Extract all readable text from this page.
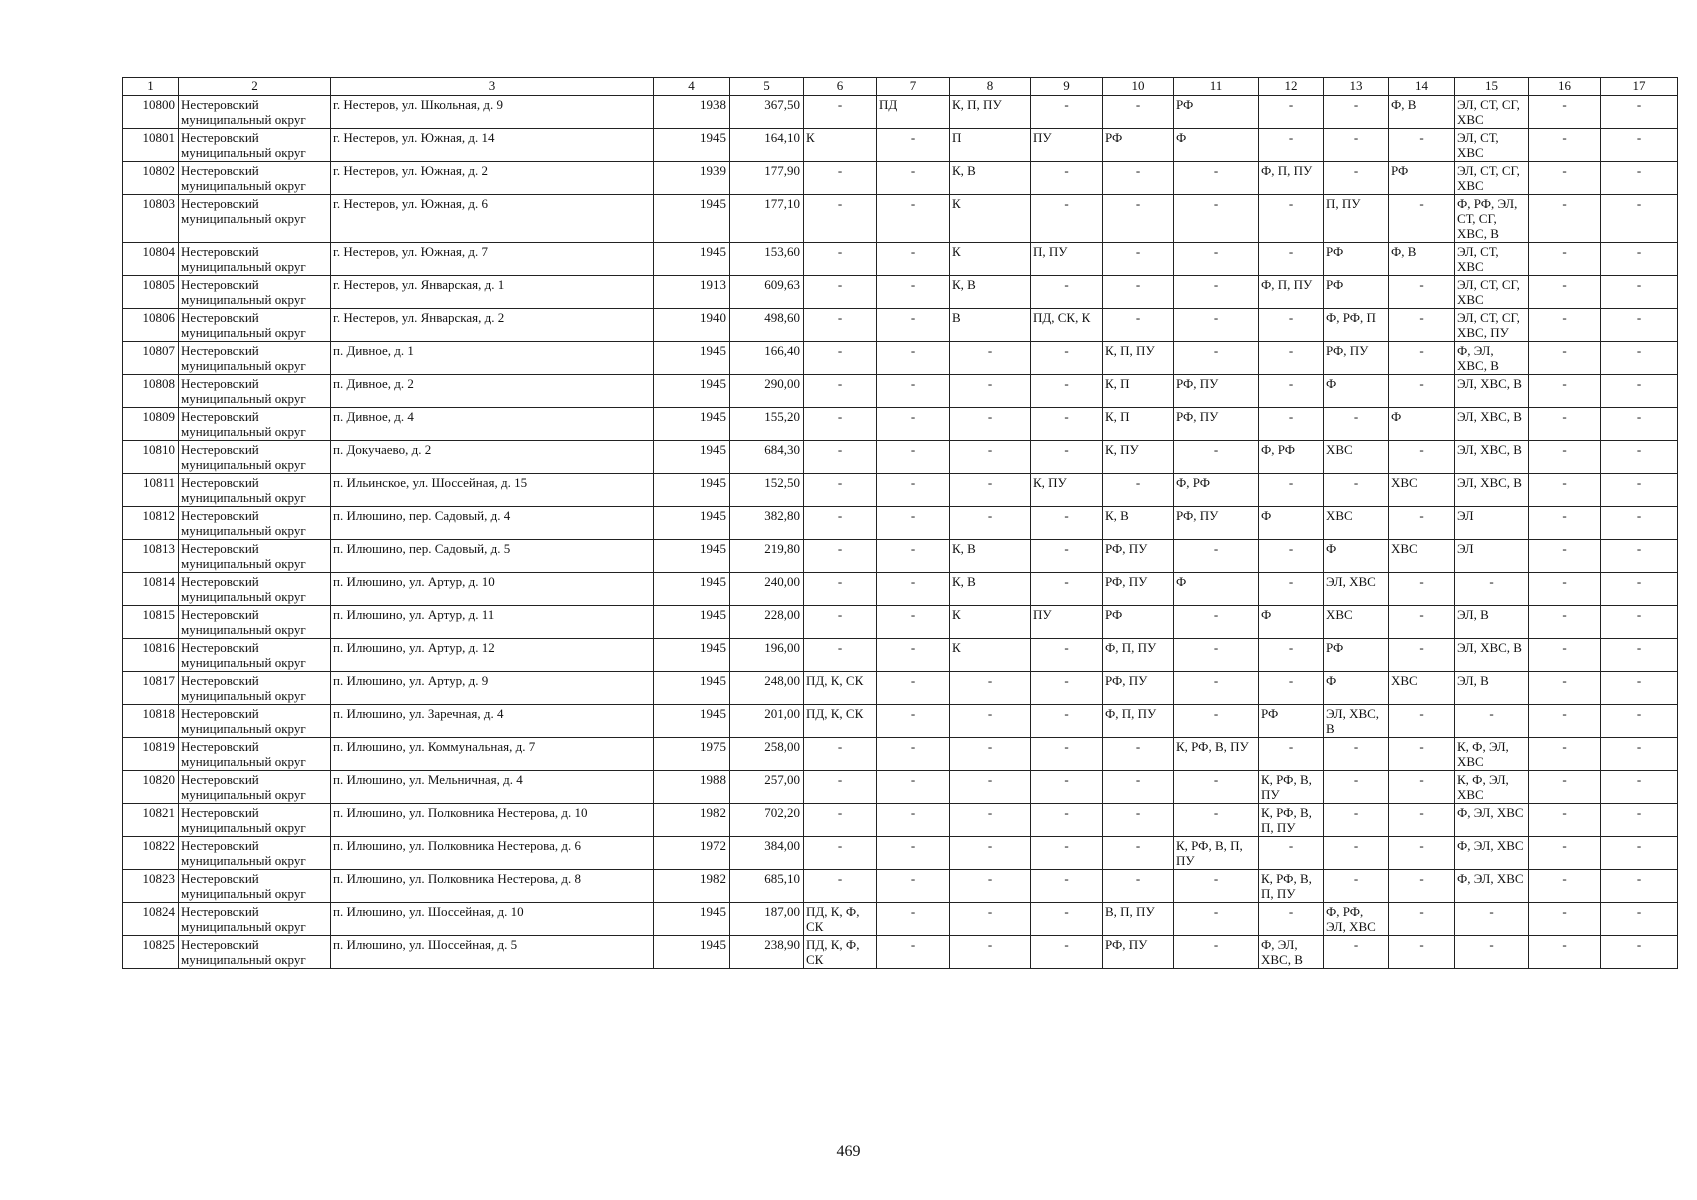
1	2	3	4	5	6	7	8	9	10	11	12	13	14	15	16	17
10800	Нестеровский муниципальный округ	г. Нестеров, ул. Школьная, д. 9	1938	367,50	-	ПД	К, П, ПУ	-	-	РФ	-	-	Ф, В	ЭЛ, СТ, СГ, ХВС	-	-
10801	Нестеровский муниципальный округ	г. Нестеров, ул. Южная, д. 14	1945	164,10	К	-	П	ПУ	РФ	Ф	-	-	-	ЭЛ, СТ, ХВС	-	-
10802	Нестеровский муниципальный округ	г. Нестеров, ул. Южная, д. 2	1939	177,90	-	-	К, В	-	-	-	Ф, П, ПУ	-	РФ	ЭЛ, СТ, СГ, ХВС	-	-
10803	Нестеровский муниципальный округ	г. Нестеров, ул. Южная, д. 6	1945	177,10	-	-	К	-	-	-	-	П, ПУ	-	Ф, РФ, ЭЛ, СТ, СГ, ХВС, В	-	-
10804	Нестеровский муниципальный округ	г. Нестеров, ул. Южная, д. 7	1945	153,60	-	-	К	П, ПУ	-	-	-	РФ	Ф, В	ЭЛ, СТ, ХВС	-	-
10805	Нестеровский муниципальный округ	г. Нестеров, ул. Январская, д. 1	1913	609,63	-	-	К, В	-	-	-	Ф, П, ПУ	РФ	-	ЭЛ, СТ, СГ, ХВС	-	-
10806	Нестеровский муниципальный округ	г. Нестеров, ул. Январская, д. 2	1940	498,60	-	-	В	ПД, СК, К	-	-	-	Ф, РФ, П	-	ЭЛ, СТ, СГ, ХВС, ПУ	-	-
10807	Нестеровский муниципальный округ	п. Дивное, д. 1	1945	166,40	-	-	-	-	К, П, ПУ	-	-	РФ, ПУ	-	Ф, ЭЛ, ХВС, В	-	-
10808	Нестеровский муниципальный округ	п. Дивное, д. 2	1945	290,00	-	-	-	-	К, П	РФ, ПУ	-	Ф	-	ЭЛ, ХВС, В	-	-
10809	Нестеровский муниципальный округ	п. Дивное, д. 4	1945	155,20	-	-	-	-	К, П	РФ, ПУ	-	-	Ф	ЭЛ, ХВС, В	-	-
10810	Нестеровский муниципальный округ	п. Докучаево, д. 2	1945	684,30	-	-	-	-	К, ПУ	-	Ф, РФ	ХВС	-	ЭЛ, ХВС, В	-	-
10811	Нестеровский муниципальный округ	п. Ильинское, ул. Шоссейная, д. 15	1945	152,50	-	-	-	К, ПУ	-	Ф, РФ	-	-	ХВС	ЭЛ, ХВС, В	-	-
10812	Нестеровский муниципальный округ	п. Илюшино, пер. Садовый, д. 4	1945	382,80	-	-	-	-	К, В	РФ, ПУ	Ф	ХВС	-	ЭЛ	-	-
10813	Нестеровский муниципальный округ	п. Илюшино, пер. Садовый, д. 5	1945	219,80	-	-	К, В	-	РФ, ПУ	-	-	Ф	ХВС	ЭЛ	-	-
10814	Нестеровский муниципальный округ	п. Илюшино, ул. Артур, д. 10	1945	240,00	-	-	К, В	-	РФ, ПУ	Ф	-	ЭЛ, ХВС	-	-	-	-
10815	Нестеровский муниципальный округ	п. Илюшино, ул. Артур, д. 11	1945	228,00	-	-	К	ПУ	РФ	-	Ф	ХВС	-	ЭЛ, В	-	-
10816	Нестеровский муниципальный округ	п. Илюшино, ул. Артур, д. 12	1945	196,00	-	-	К	-	Ф, П, ПУ	-	-	РФ	-	ЭЛ, ХВС, В	-	-
10817	Нестеровский муниципальный округ	п. Илюшино, ул. Артур, д. 9	1945	248,00	ПД, К, СК	-	-	-	РФ, ПУ	-	-	Ф	ХВС	ЭЛ, В	-	-
10818	Нестеровский муниципальный округ	п. Илюшино, ул. Заречная, д. 4	1945	201,00	ПД, К, СК	-	-	-	Ф, П, ПУ	-	РФ	ЭЛ, ХВС, В	-	-	-	-
10819	Нестеровский муниципальный округ	п. Илюшино, ул. Коммунальная, д. 7	1975	258,00	-	-	-	-	-	К, РФ, В, ПУ	-	-	-	К, Ф, ЭЛ, ХВС	-	-
10820	Нестеровский муниципальный округ	п. Илюшино, ул. Мельничная, д. 4	1988	257,00	-	-	-	-	-	-	К, РФ, В, ПУ	-	-	К, Ф, ЭЛ, ХВС	-	-
10821	Нестеровский муниципальный округ	п. Илюшино, ул. Полковника Нестерова, д. 10	1982	702,20	-	-	-	-	-	-	К, РФ, В, П, ПУ	-	-	Ф, ЭЛ, ХВС	-	-
10822	Нестеровский муниципальный округ	п. Илюшино, ул. Полковника Нестерова, д. 6	1972	384,00	-	-	-	-	-	К, РФ, В, П, ПУ	-	-	-	Ф, ЭЛ, ХВС	-	-
10823	Нестеровский муниципальный округ	п. Илюшино, ул. Полковника Нестерова, д. 8	1982	685,10	-	-	-	-	-	-	К, РФ, В, П, ПУ	-	-	Ф, ЭЛ, ХВС	-	-
10824	Нестеровский муниципальный округ	п. Илюшино, ул. Шоссейная, д. 10	1945	187,00	ПД, К, Ф, СК	-	-	-	В, П, ПУ	-	-	Ф, РФ, ЭЛ, ХВС	-	-	-	-
10825	Нестеровский муниципальный округ	п. Илюшино, ул. Шоссейная, д. 5	1945	238,90	ПД, К, Ф, СК	-	-	-	РФ, ПУ	-	Ф, ЭЛ, ХВС, В	-	-	-	-	-
469
